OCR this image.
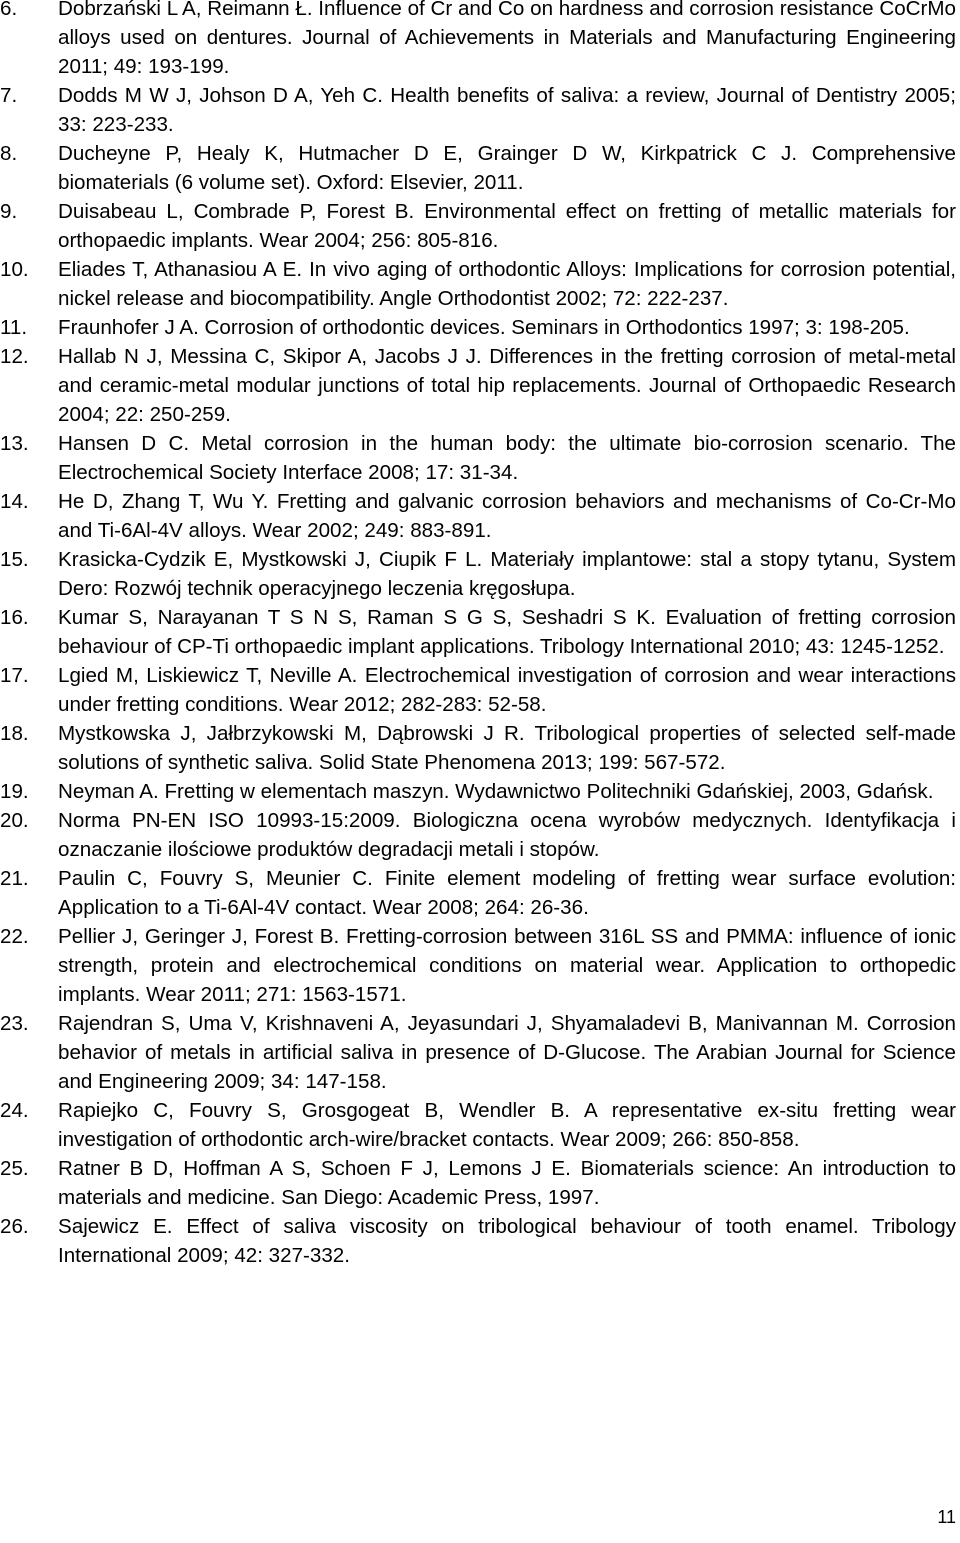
6. Dobrzański L A, Reimann Ł. Influence of Cr and Co on hardness and corrosion resistance CoCrMo alloys used on dentures. Journal of Achievements in Materials and Manufacturing Engineering 2011; 49: 193-199.
7. Dodds M W J, Johson D A, Yeh C. Health benefits of saliva: a review, Journal of Dentistry 2005; 33: 223-233.
8. Ducheyne P, Healy K, Hutmacher D E, Grainger D W, Kirkpatrick C J. Comprehensive biomaterials (6 volume set). Oxford: Elsevier, 2011.
9. Duisabeau L, Combrade P, Forest B. Environmental effect on fretting of metallic materials for orthopaedic implants. Wear 2004; 256: 805-816.
10. Eliades T, Athanasiou A E. In vivo aging of orthodontic Alloys: Implications for corrosion potential, nickel release and biocompatibility. Angle Orthodontist 2002; 72: 222-237.
11. Fraunhofer J A. Corrosion of orthodontic devices. Seminars in Orthodontics 1997; 3: 198-205.
12. Hallab N J, Messina C, Skipor A, Jacobs J J. Differences in the fretting corrosion of metal-metal and ceramic-metal modular junctions of total hip replacements. Journal of Orthopaedic Research 2004; 22: 250-259.
13. Hansen D C. Metal corrosion in the human body: the ultimate bio-corrosion scenario. The Electrochemical Society Interface 2008; 17: 31-34.
14. He D, Zhang T, Wu Y. Fretting and galvanic corrosion behaviors and mechanisms of Co-Cr-Mo and Ti-6Al-4V alloys. Wear 2002; 249: 883-891.
15. Krasicka-Cydzik E, Mystkowski J, Ciupik F L. Materiały implantowe: stal a stopy tytanu, System Dero: Rozwój technik operacyjnego leczenia kręgosłupa.
16. Kumar S, Narayanan T S N S, Raman S G S, Seshadri S K. Evaluation of fretting corrosion behaviour of CP-Ti orthopaedic implant applications. Tribology International 2010; 43: 1245-1252.
17. Lgied M, Liskiewicz T, Neville A. Electrochemical investigation of corrosion and wear interactions under fretting conditions. Wear 2012; 282-283: 52-58.
18. Mystkowska J, Jałbrzykowski M, Dąbrowski J R. Tribological properties of selected self-made solutions of synthetic saliva. Solid State Phenomena 2013; 199: 567-572.
19. Neyman A. Fretting w elementach maszyn. Wydawnictwo Politechniki Gdańskiej, 2003, Gdańsk.
20. Norma PN-EN ISO 10993-15:2009. Biologiczna ocena wyrobów medycznych. Identyfikacja i oznaczanie ilościowe produktów degradacji metali i stopów.
21. Paulin C, Fouvry S, Meunier C. Finite element modeling of fretting wear surface evolution: Application to a Ti-6Al-4V contact. Wear 2008; 264: 26-36.
22. Pellier J, Geringer J, Forest B. Fretting-corrosion between 316L SS and PMMA: influence of ionic strength, protein and electrochemical conditions on material wear. Application to orthopedic implants. Wear 2011; 271: 1563-1571.
23. Rajendran S, Uma V, Krishnaveni A, Jeyasundari J, Shyamaladevi B, Manivannan M. Corrosion behavior of metals in artificial saliva in presence of D-Glucose. The Arabian Journal for Science and Engineering 2009; 34: 147-158.
24. Rapiejko C, Fouvry S, Grosgogeat B, Wendler B. A representative ex-situ fretting wear investigation of orthodontic arch-wire/bracket contacts. Wear 2009; 266: 850-858.
25. Ratner B D, Hoffman A S, Schoen F J, Lemons J E. Biomaterials science: An introduction to materials and medicine. San Diego: Academic Press, 1997.
26. Sajewicz E. Effect of saliva viscosity on tribological behaviour of tooth enamel. Tribology International 2009; 42: 327-332.
11
